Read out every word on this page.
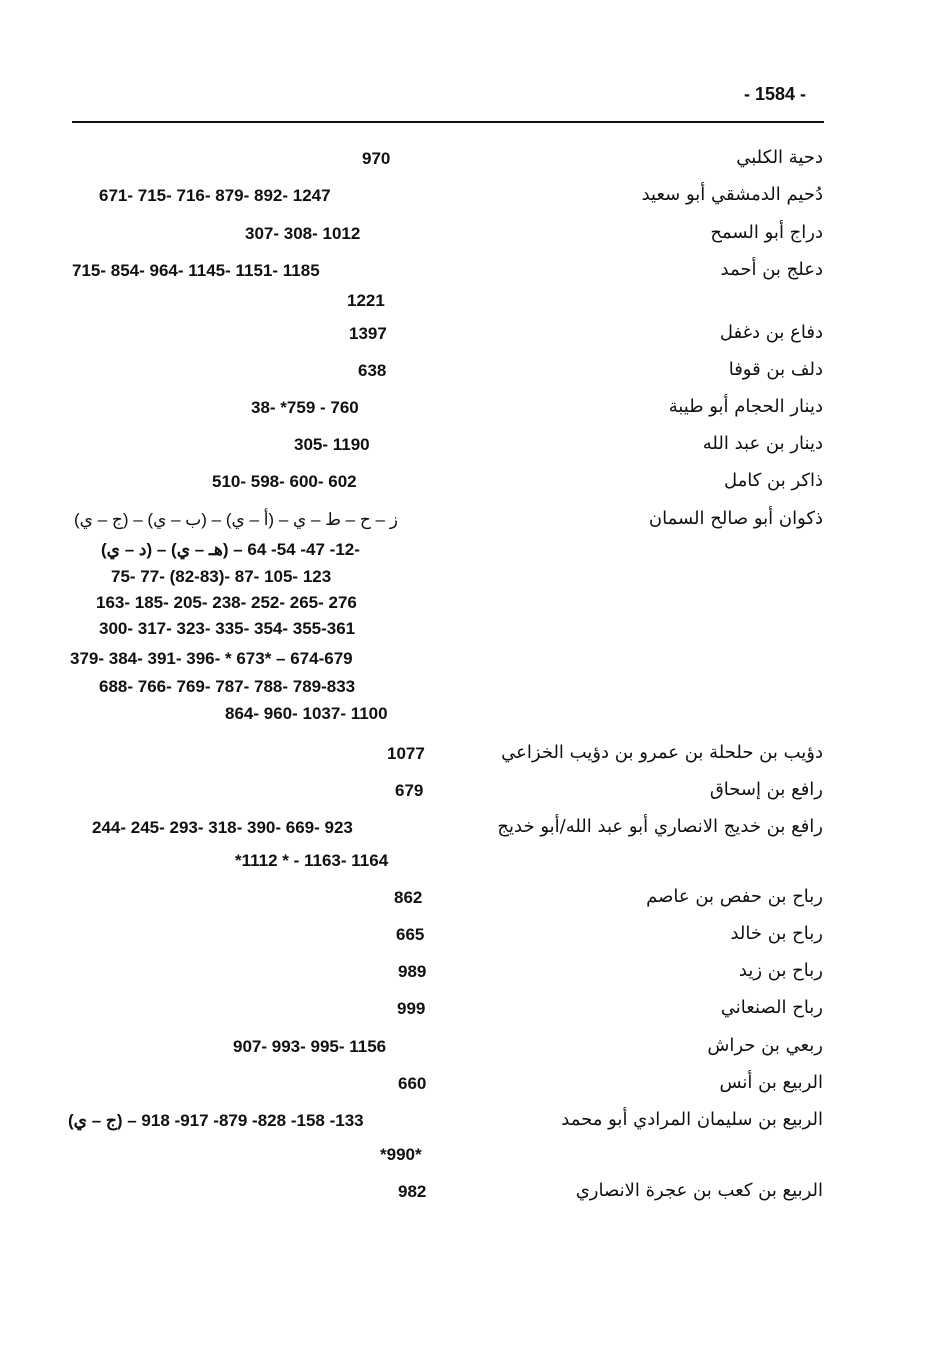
- 1584 -
دحية الكلبي
970
دُحيم الدمشقي أبو سعيد
671- 715- 716- 879- 892- 1247
دراج أبو السمح
307- 308- 1012
دعلج بن أحمد
715- 854- 964- 1145- 1151- 1185
1221
دفاع بن دغفل
1397
دلف بن قوفا
638
دينار الحجام أبو طيبة
38- *759 - 760
دينار بن عبد الله
305- 1190
ذاكر بن كامل
510- 598- 600- 602
ذكوان أبو صالح السمان
ز – ح – ط – ي – (أ – ي) – (ب – ي) – (ج – ي)
(د – ي) – (هـ – ي) – 12- 47- 54- 64-
75- 77- (82-83)- 87- 105- 123
163- 185- 205- 238- 252- 265- 276
300- 317- 323- 335- 354- 355-361
379- 384- 391- 396- * 673* – 674-679
688- 766- 769- 787- 788- 789-833
864- 960- 1037- 1100
دؤيب بن حلحلة بن عمرو بن دؤيب الخزاعي
1077
رافع بن إسحاق
679
رافع بن خديج الانصاري أبو عبد الله/أبو خديج
244- 245- 293- 318- 390- 669- 923
*1112 * - 1163- 1164
رباح بن حفص بن عاصم
862
رباح بن خالد
665
رباح بن زيد
989
رباح الصنعاني
999
ربعي بن حراش
907- 993- 995- 1156
الربيع بن أنس
660
الربيع بن سليمان المرادي أبو محمد
(ج – ي) – 133- 158- 828- 879- 917- 918
*990*
الربيع بن كعب بن عجرة الانصاري
982
